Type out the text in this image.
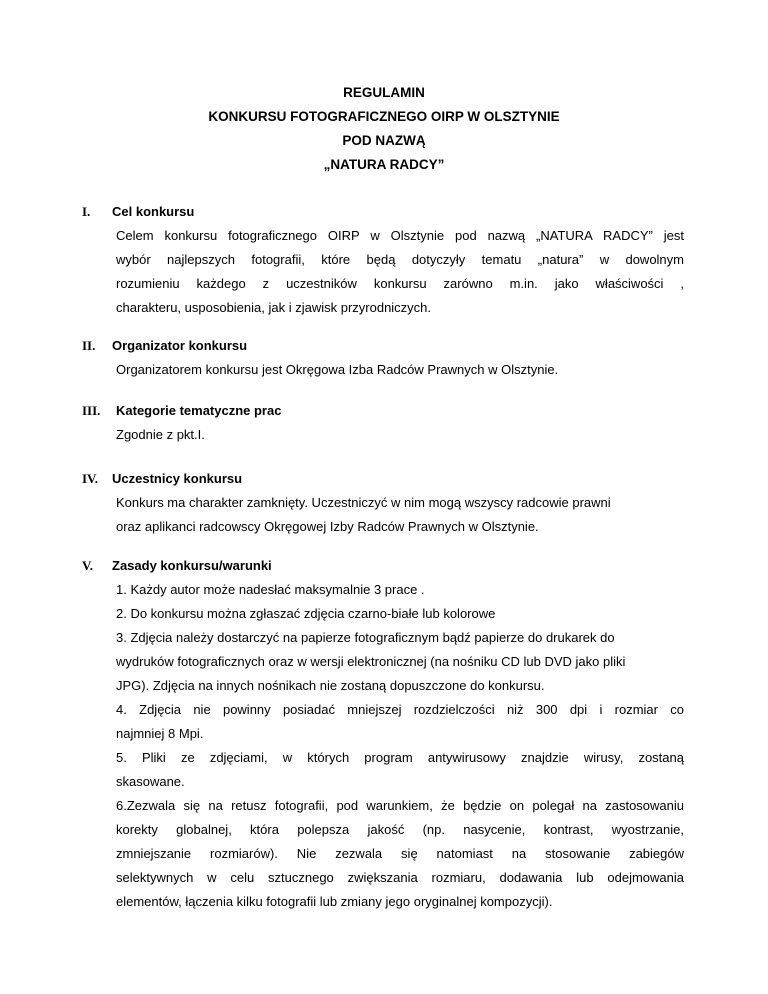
REGULAMIN
KONKURSU FOTOGRAFICZNEGO OIRP W OLSZTYNIE
POD NAZWĄ
„NATURA RADCY”
I.	Cel konkursu
Celem konkursu fotograficznego OIRP w Olsztynie pod nazwą „NATURA RADCY” jest
wybór najlepszych fotografii, które będą dotyczyły tematu „natura” w dowolnym
rozumieniu każdego z uczestników konkursu zarówno m.in. jako właściwości ,
charakteru, usposobienia, jak i zjawisk przyrodniczych.
II.	Organizator konkursu
Organizatorem konkursu jest Okręgowa Izba Radców Prawnych w Olsztynie.
III.	Kategorie tematyczne prac
Zgodnie z pkt.I.
IV.	Uczestnicy konkursu
Konkurs ma charakter zamknięty. Uczestniczyć w nim mogą wszyscy radcowie prawni
oraz aplikanci radcowscy Okręgowej Izby Radców Prawnych w Olsztynie.
V.	Zasady konkursu/warunki
1. Każdy autor może nadesłać maksymalnie 3 prace .
2. Do konkursu można zgłaszać zdjęcia czarno-białe lub kolorowe
3. Zdjęcia należy dostarczyć na papierze fotograficznym bądź papierze do drukarek do
wydruków fotograficznych oraz w wersji elektronicznej (na nośniku CD lub DVD jako pliki
JPG). Zdjęcia na innych nośnikach nie zostaną dopuszczone do konkursu.
4. Zdjęcia nie powinny posiadać mniejszej rozdzielczości niż 300 dpi i rozmiar co
najmniej 8 Mpi.
5. Pliki ze zdjęciami, w których program antywirusowy znajdzie wirusy, zostaną
skasowane.
6.Zezwala się na retusz fotografii, pod warunkiem, że będzie on polegał na zastosowaniu
korekty globalnej, która polepsza jakość (np. nasycenie, kontrast, wyostrzanie,
zmniejszanie rozmiarów). Nie zezwala się natomiast na stosowanie zabiegów
selektywnych w celu sztucznego zwiększania rozmiaru, dodawania lub odejmowania
elementów, łączenia kilku fotografii lub zmiany jego oryginalnej kompozycji).
